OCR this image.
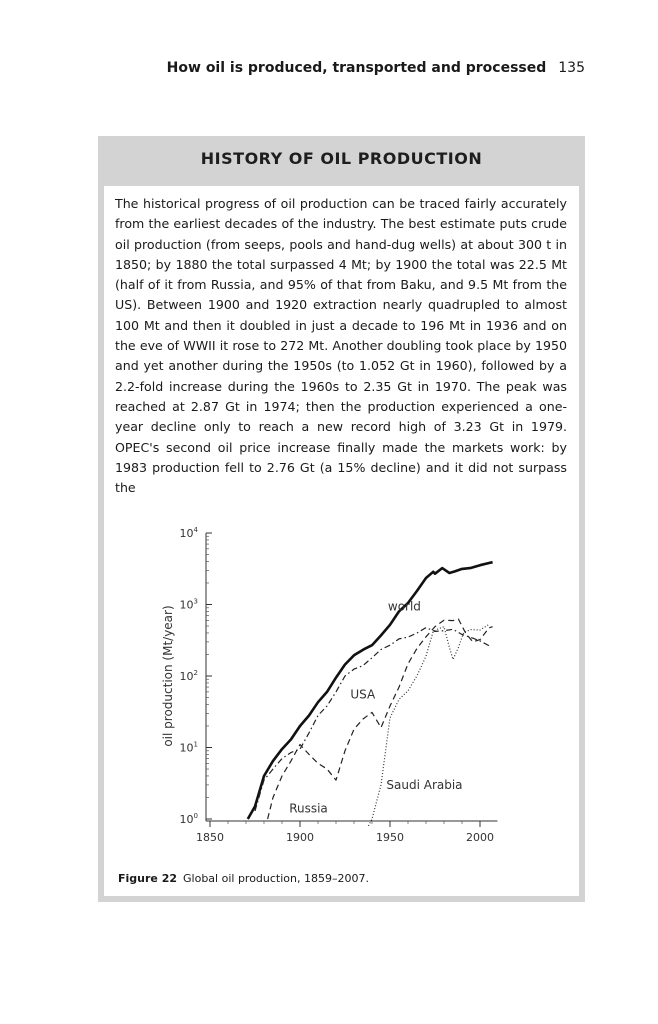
How oil is produced, transported and processed 135
HISTORY OF OIL PRODUCTION

The historical progress of oil production can be traced fairly accurately from the earliest decades of the industry. The best estimate puts crude oil production (from seeps, pools and hand-dug wells) at about 300 t in 1850; by 1880 the total surpassed 4 Mt; by 1900 the total was 22.5 Mt (half of it from Russia, and 95% of that from Baku, and 9.5 Mt from the US). Between 1900 and 1920 extraction nearly quadrupled to almost 100 Mt and then it doubled in just a decade to 196 Mt in 1936 and on the eve of WWII it rose to 272 Mt. Another doubling took place by 1950 and yet another during the 1950s (to 1.052 Gt in 1960), followed by a 2.2-fold increase during the 1960s to 2.35 Gt in 1970. The peak was reached at 2.87 Gt in 1974; then the production experienced a one-year decline only to reach a new record high of 3.23 Gt in 1979. OPEC's second oil price increase finally made the markets work: by 1983 production fell to 2.76 Gt (a 15% decline) and it did not surpass the

$10^0$
$10^1$
$10^2$
$10^3$
$10^4$
1850	1900	1950	2000
oil production (Mt/year)	world
USA
Russia
Saudi Arabia
Figure 22 Global oil production, 1859–2007.
